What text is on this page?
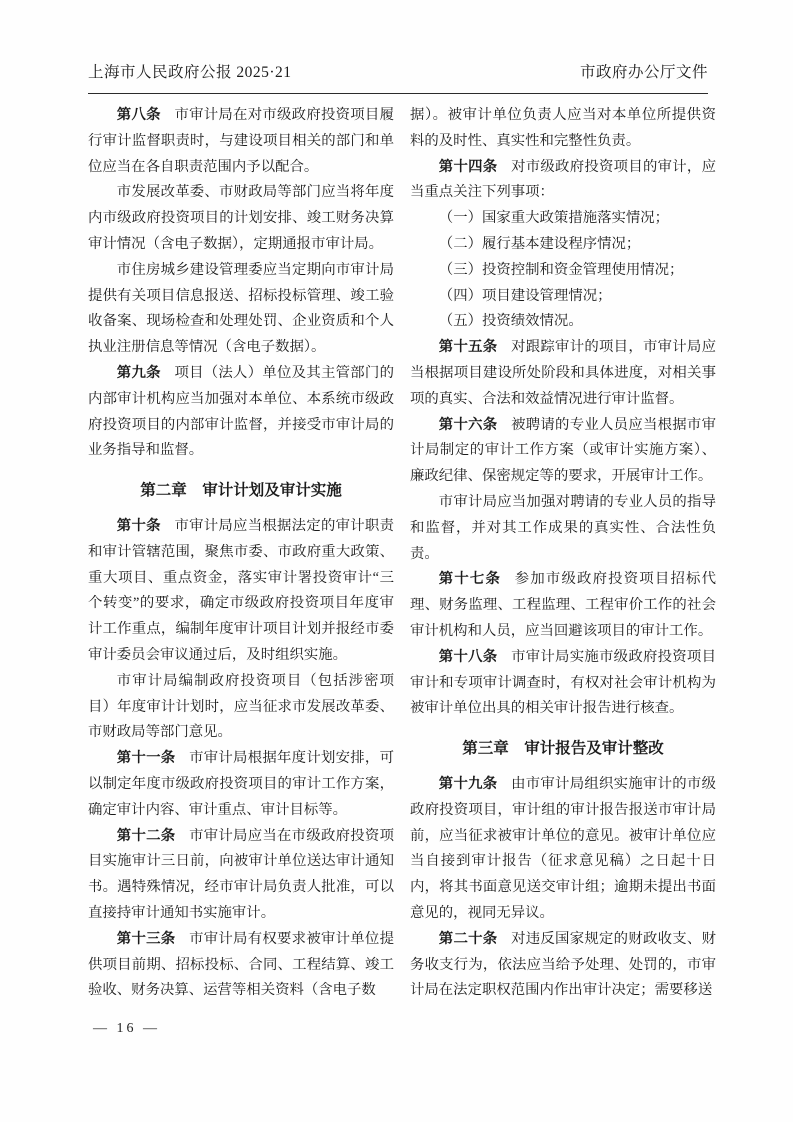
上海市人民政府公报 2025·21	市政府办公厅文件

第八条 市审计局在对市级政府投资项目履行审计监督职责时，与建设项目相关的部门和单位应当在各自职责范围内予以配合。

市发展改革委、市财政局等部门应当将年度内市级政府投资项目的计划安排、竣工财务决算审计情况（含电子数据），定期通报市审计局。

市住房城乡建设管理委应当定期向市审计局提供有关项目信息报送、招标投标管理、竣工验收备案、现场检查和处理处罚、企业资质和个人执业注册信息等情况（含电子数据）。

第九条 项目（法人）单位及其主管部门的内部审计机构应当加强对本单位、本系统市级政府投资项目的内部审计监督，并接受市审计局的业务指导和监督。

第二章　审计计划及审计实施

第十条 市审计局应当根据法定的审计职责和审计管辖范围，聚焦市委、市政府重大政策、重大项目、重点资金，落实审计署投资审计“三个转变”的要求，确定市级政府投资项目年度审计工作重点，编制年度审计项目计划并报经市委审计委员会审议通过后，及时组织实施。

市审计局编制政府投资项目（包括涉密项目）年度审计计划时，应当征求市发展改革委、市财政局等部门意见。

第十一条 市审计局根据年度计划安排，可以制定年度市级政府投资项目的审计工作方案，确定审计内容、审计重点、审计目标等。

第十二条 市审计局应当在市级政府投资项目实施审计三日前，向被审计单位送达审计通知书。遇特殊情况，经市审计局负责人批准，可以直接持审计通知书实施审计。

第十三条 市审计局有权要求被审计单位提供项目前期、招标投标、合同、工程结算、竣工验收、财务决算、运营等相关资料（含电子数

据）。被审计单位负责人应当对本单位所提供资料的及时性、真实性和完整性负责。

第十四条 对市级政府投资项目的审计，应当重点关注下列事项：

（一）国家重大政策措施落实情况；

（二）履行基本建设程序情况；

（三）投资控制和资金管理使用情况；

（四）项目建设管理情况；

（五）投资绩效情况。

第十五条 对跟踪审计的项目，市审计局应当根据项目建设所处阶段和具体进度，对相关事项的真实、合法和效益情况进行审计监督。

第十六条 被聘请的专业人员应当根据市审计局制定的审计工作方案（或审计实施方案）、廉政纪律、保密规定等的要求，开展审计工作。

市审计局应当加强对聘请的专业人员的指导和监督，并对其工作成果的真实性、合法性负责。

第十七条 参加市级政府投资项目招标代理、财务监理、工程监理、工程审价工作的社会审计机构和人员，应当回避该项目的审计工作。

第十八条 市审计局实施市级政府投资项目审计和专项审计调查时，有权对社会审计机构为被审计单位出具的相关审计报告进行核查。

第三章　审计报告及审计整改

第十九条 由市审计局组织实施审计的市级政府投资项目，审计组的审计报告报送市审计局前，应当征求被审计单位的意见。被审计单位应当自接到审计报告（征求意见稿）之日起十日内，将其书面意见送交审计组；逾期未提出书面意见的，视同无异议。

第二十条 对违反国家规定的财政收支、财务收支行为，依法应当给予处理、处罚的，市审计局在法定职权范围内作出审计决定；需要移送

— 16 —
